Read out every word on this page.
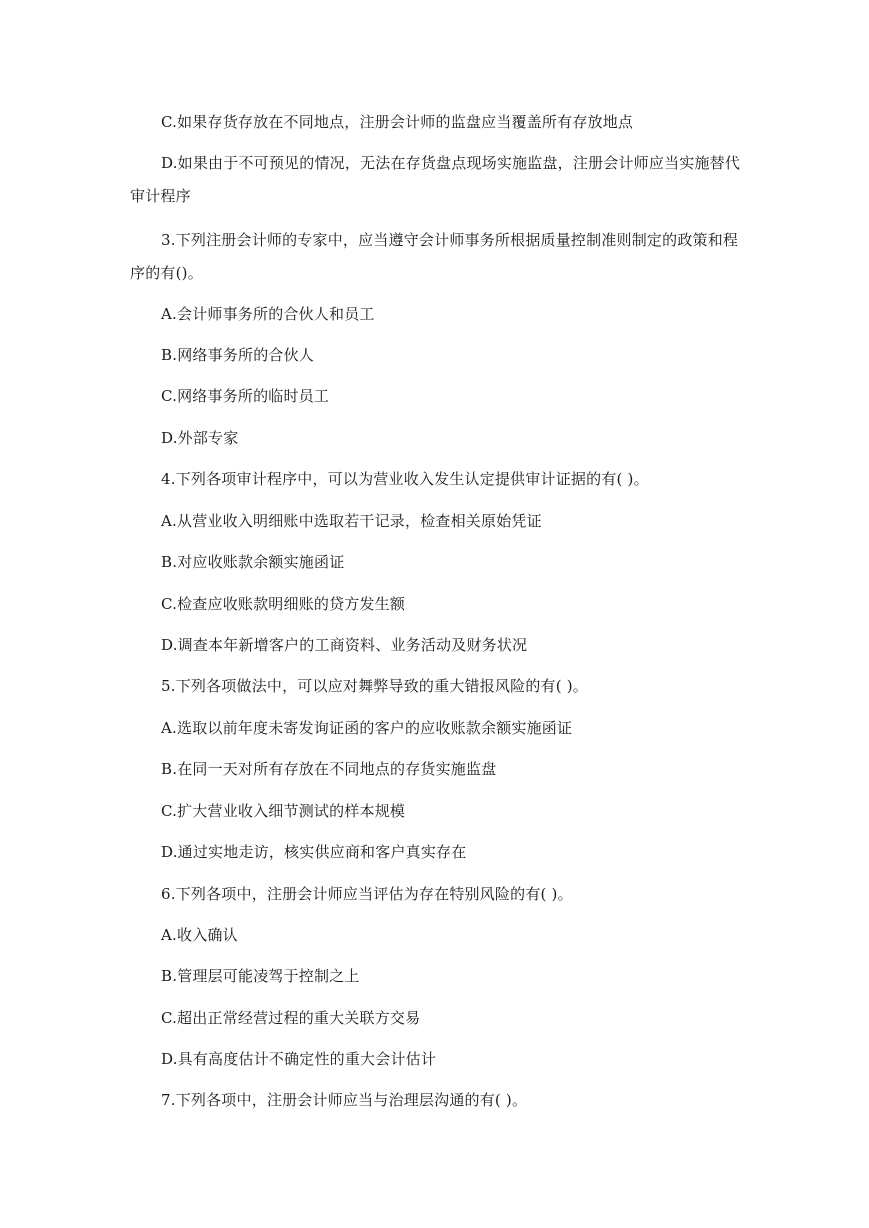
C.如果存货存放在不同地点，注册会计师的监盘应当覆盖所有存放地点
D.如果由于不可预见的情况，无法在存货盘点现场实施监盘，注册会计师应当实施替代
审计程序
3.下列注册会计师的专家中，应当遵守会计师事务所根据质量控制准则制定的政策和程
序的有()。
A.会计师事务所的合伙人和员工
B.网络事务所的合伙人
C.网络事务所的临时员工
D.外部专家
4.下列各项审计程序中，可以为营业收入发生认定提供审计证据的有( )。
A.从营业收入明细账中选取若干记录，检查相关原始凭证
B.对应收账款余额实施函证
C.检查应收账款明细账的贷方发生额
D.调查本年新增客户的工商资料、业务活动及财务状况
5.下列各项做法中，可以应对舞弊导致的重大错报风险的有( )。
A.选取以前年度未寄发询证函的客户的应收账款余额实施函证
B.在同一天对所有存放在不同地点的存货实施监盘
C.扩大营业收入细节测试的样本规模
D.通过实地走访，核实供应商和客户真实存在
6.下列各项中，注册会计师应当评估为存在特别风险的有( )。
A.收入确认
B.管理层可能凌驾于控制之上
C.超出正常经营过程的重大关联方交易
D.具有高度估计不确定性的重大会计估计
7.下列各项中，注册会计师应当与治理层沟通的有( )。
